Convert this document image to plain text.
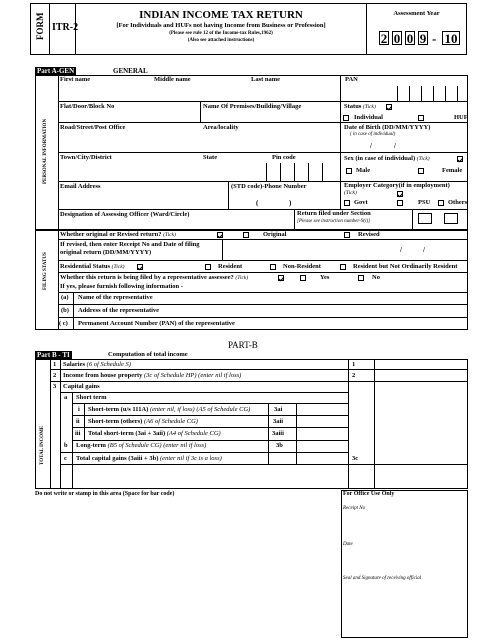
FORM ITR-2
INDIAN INCOME TAX RETURN
[For Individuals and HUFs not having Income from Business or Profession]
(Please see rule 12 of the Income-tax Rules,1962)
(Also see attached instructions)
Assessment Year
2 0 0 9 - 10
Part A-GEN	GENERAL
PERSONAL INFORMATION
First name	Middle name	Last name	PAN
Flat/Door/Block No	Name Of Premises/Building/Village	Status (Tick)
Individual	HUF
Road/Street/Post Office	Area/locality	Date of Birth (DD/MM/YYYY)
( in case of individual)
/	/
Town/City/District	State	Pin code	Sex (in case of individual) (Tick)
Male	Female
Email Address	(STD code)-Phone Number
(	)
Employer Category(if in employment) (Tick)
Govt	PSU	Others
Designation of Assessing Officer (Ward/Circle)	Return filed under Section
[Please see instruction number-9(i)]
FILING STATUS
Whether original or Revised return? (Tick)	Original	Revised
If revised, then enter Receipt No and Date of filing original return (DD/MM/YYYY)	/	/
Residential Status (Tick)	Resident	Non-Resident	Resident but Not Ordinarily Resident
Whether this return is being filed by a representative assessee? (Tick)	Yes	No
If yes, please furnish following information -
(a) Name of the representative
(b) Address of the representative
( c) Permanent Account Number (PAN) of the representative
PART-B
Part B - TI	Computation of total income
TOTAL INCOME
1 Salaries (6 of Schedule S)	1
2 Income from house property (3c of Schedule HP) (enter nil if loss)	2
3 Capital gains
a Short term
i Short-term (u/s 111A) (enter nil, if loss) (A5 of Schedule CG)	3ai
ii Short-term (others) (A6 of Schedule CG)	3aii
iii Total short-term (3ai + 3aii) (A4 of Schedule CG)	3aiii
b Long-term (B5 of Schedule CG) (enter nil if loss)	3b
c Total capital gains (3aiii + 3b) (enter nil if 3c is a loss)	3c
Do not write or stamp in this area (Space for bar code)	For Office Use Only
Receipt No
Date
Seal and Signature of receiving official
